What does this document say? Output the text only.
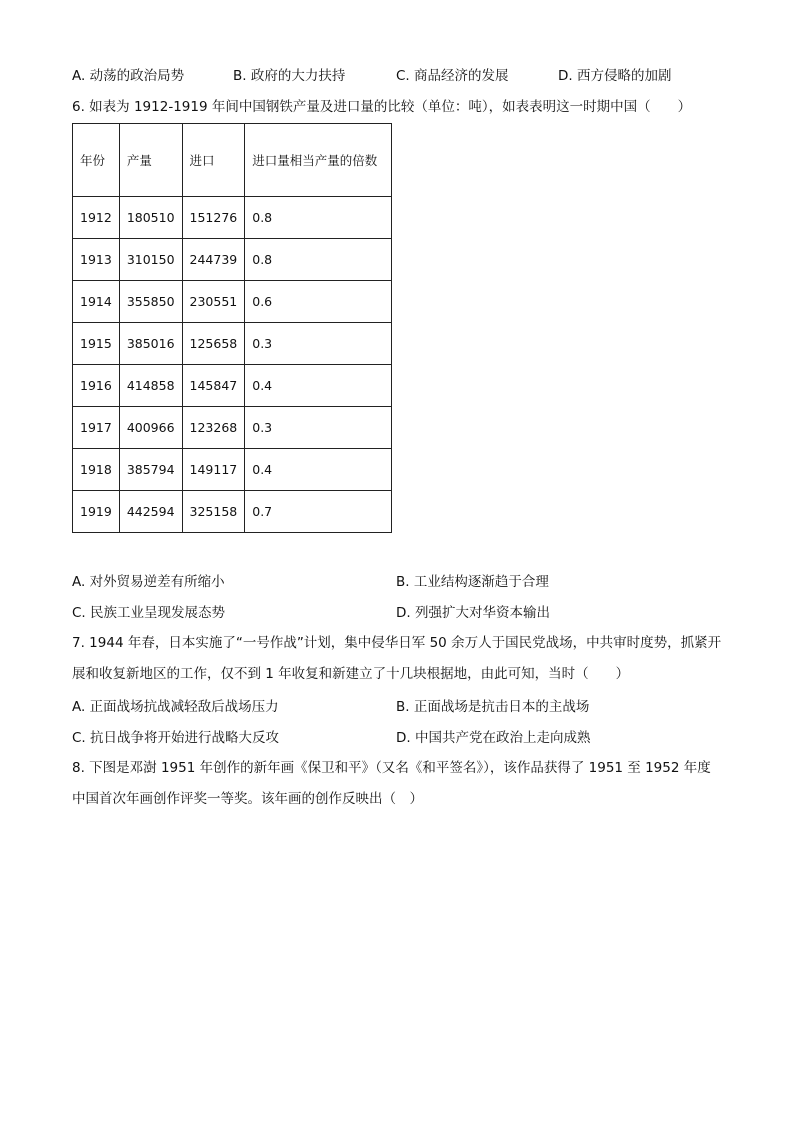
A. 动荡的政治局势	B. 政府的大力扶持	C. 商品经济的发展	D. 西方侵略的加剧
6. 如表为 1912-1919 年间中国钢铁产量及进口量的比较（单位：吨），如表表明这一时期中国（　　）
年份	产量	进口	进口量相当产量的倍数
1912	180510	151276	0.8
1913	310150	244739	0.8
1914	355850	230551	0.6
1915	385016	125658	0.3
1916	414858	145847	0.4
1917	400966	123268	0.3
1918	385794	149117	0.4
1919	442594	325158	0.7
A. 对外贸易逆差有所缩小	B. 工业结构逐渐趋于合理
C. 民族工业呈现发展态势	D. 列强扩大对华资本输出
7. 1944 年春，日本实施了“一号作战”计划，集中侵华日军 50 余万人于国民党战场，中共审时度势，抓紧开展和收复新地区的工作，仅不到 1 年收复和新建立了十几块根据地，由此可知，当时（　　）
A. 正面战场抗战减轻敌后战场压力	B. 正面战场是抗击日本的主战场
C. 抗日战争将开始进行战略大反攻	D. 中国共产党在政治上走向成熟
8. 下图是邓澍 1951 年创作的新年画《保卫和平》（又名《和平签名》），该作品获得了 1951 至 1952 年度中国首次年画创作评奖一等奖。该年画的创作反映出（　）
